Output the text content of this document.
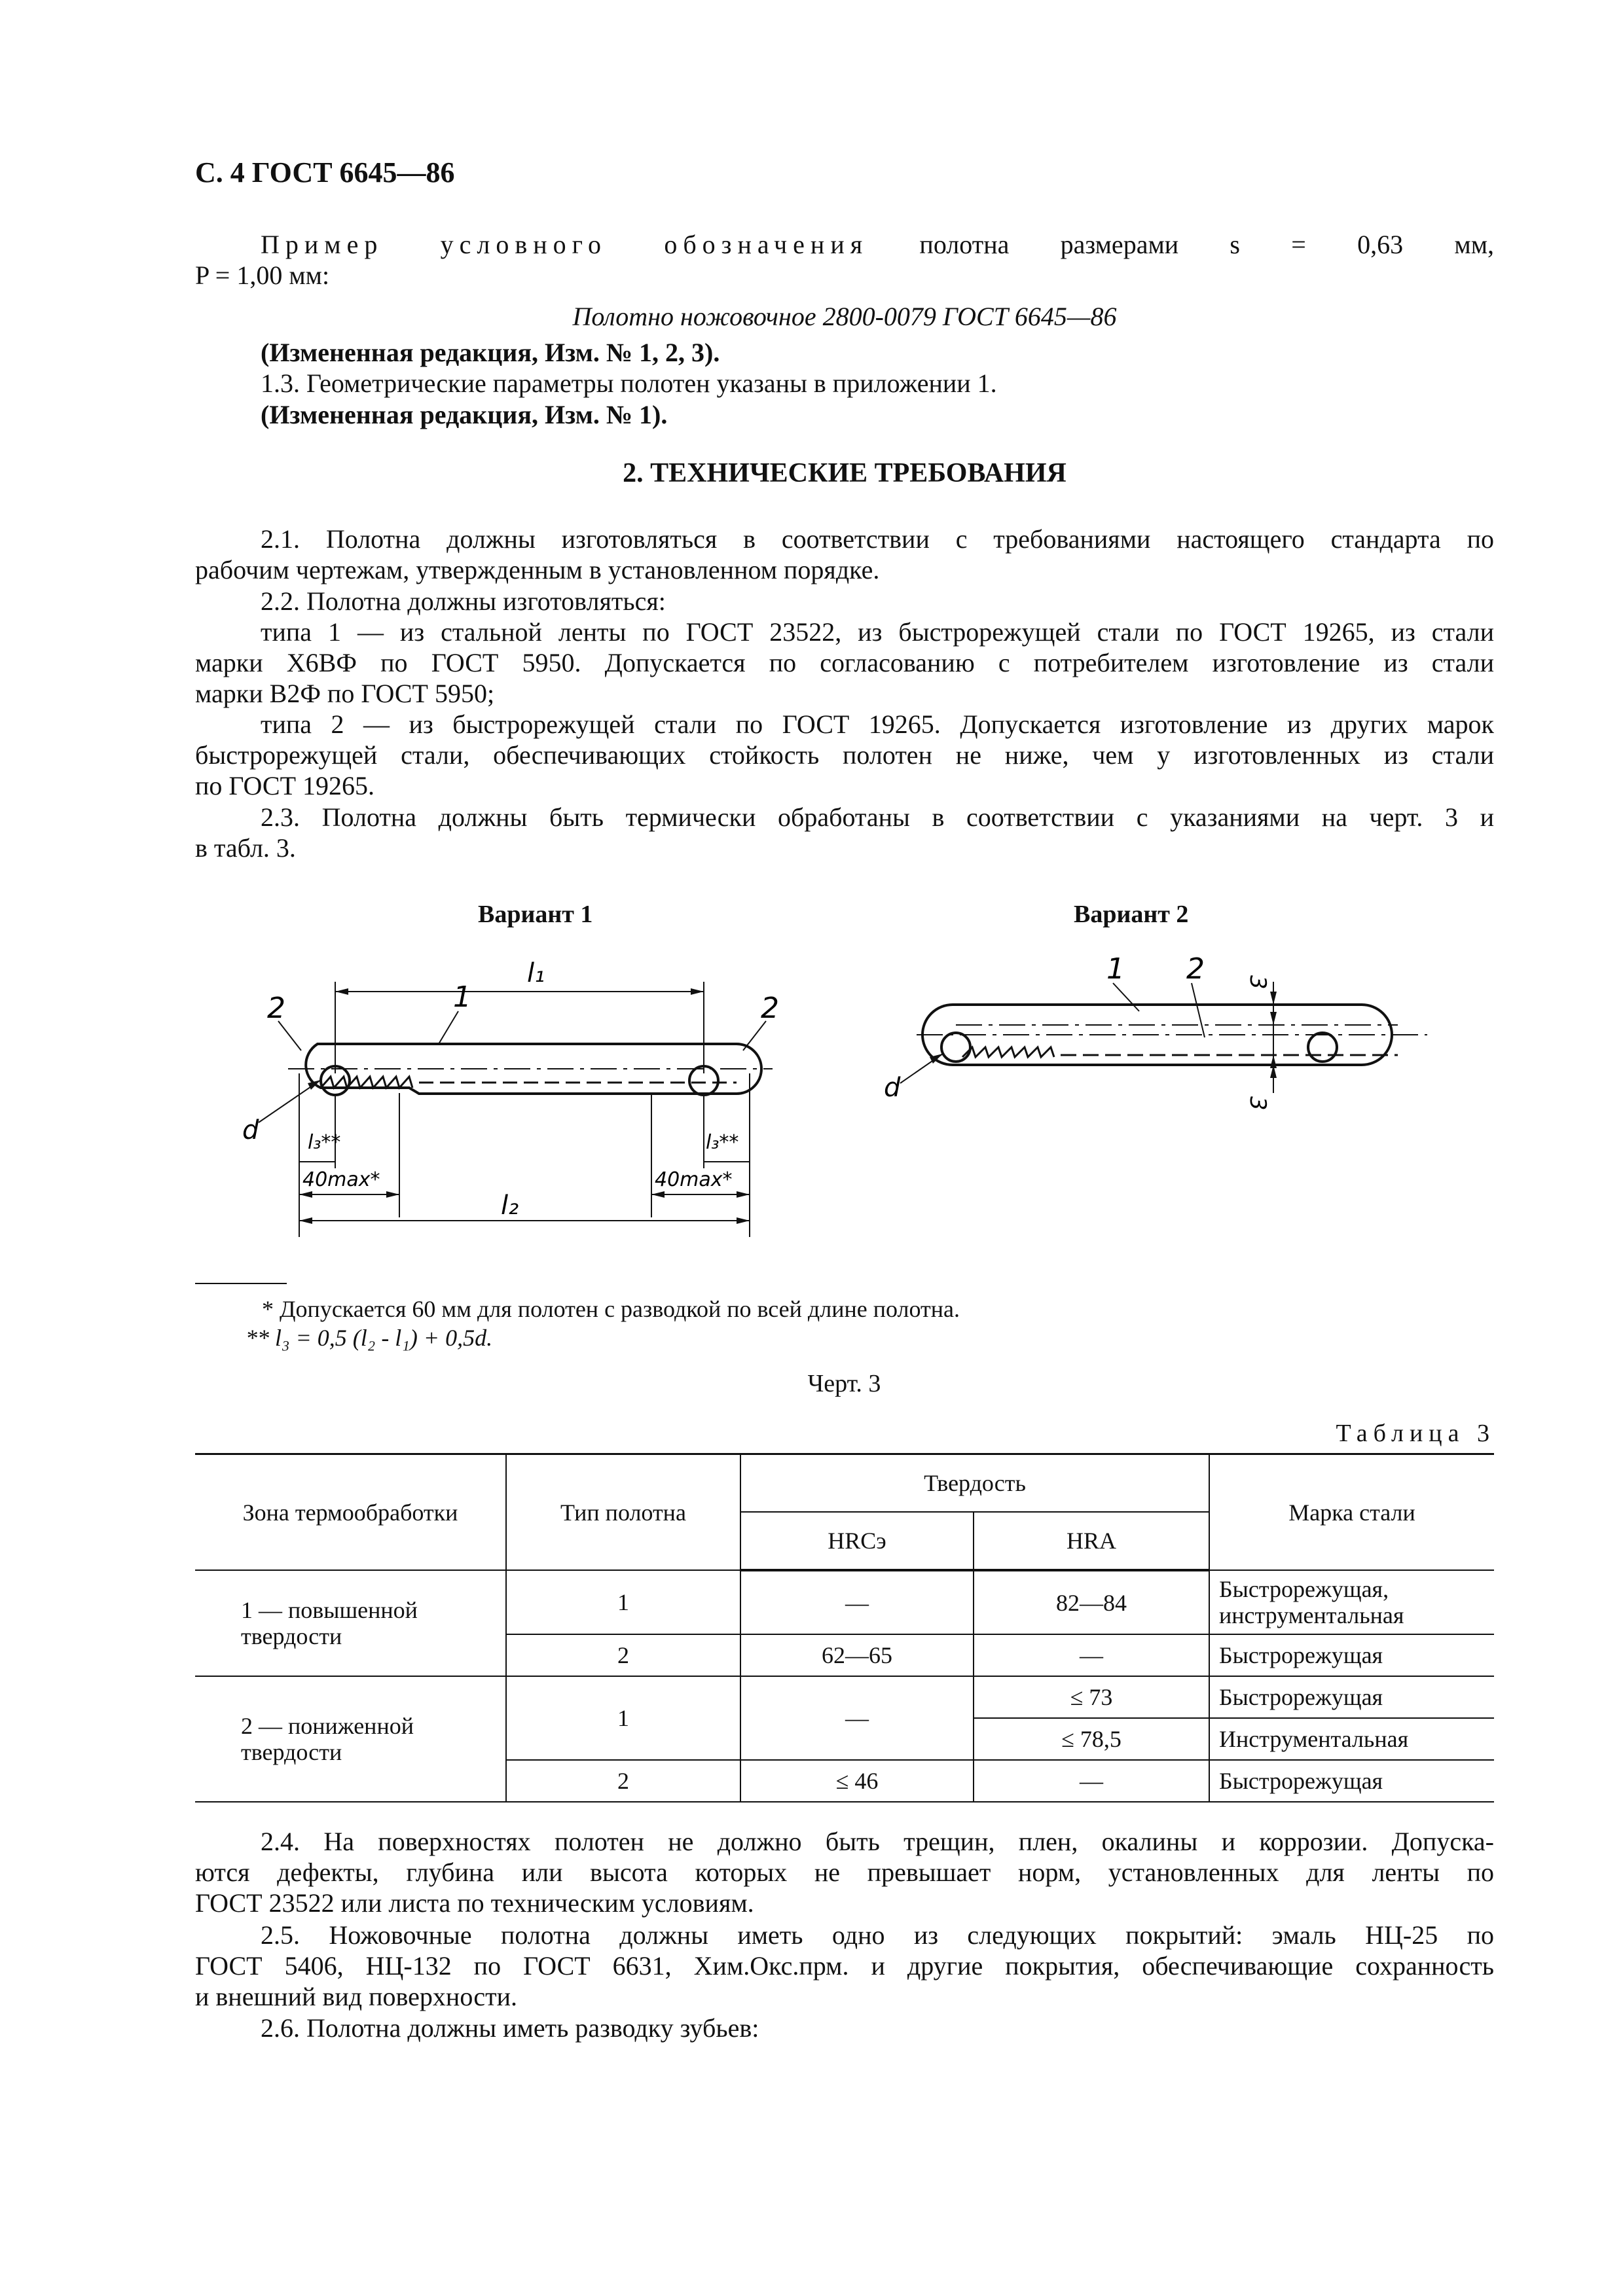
С. 4 ГОСТ 6645—86
Пример условного обозначения полотна размерами s = 0,63 мм,
P = 1,00 мм:
Полотно ножовочное 2800-0079 ГОСТ 6645—86
(Измененная редакция, Изм. № 1, 2, 3).
1.3. Геометрические параметры полотен указаны в приложении 1.
(Измененная редакция, Изм. № 1).
2. ТЕХНИЧЕСКИЕ ТРЕБОВАНИЯ
2.1. Полотна должны изготовляться в соответствии с требованиями настоящего стандарта по
рабочим чертежам, утвержденным в установленном порядке.
2.2. Полотна должны изготовляться:
типа 1 — из стальной ленты по ГОСТ 23522, из быстрорежущей стали по ГОСТ 19265, из стали
марки Х6ВФ по ГОСТ 5950. Допускается по согласованию с потребителем изготовление из стали
марки В2Ф по ГОСТ 5950;
типа 2 — из быстрорежущей стали по ГОСТ 19265. Допускается изготовление из других марок
быстрорежущей стали, обеспечивающих стойкость полотен не ниже, чем у изготовленных из стали
по ГОСТ 19265.
2.3. Полотна должны быть термически обработаны в соответствии с указаниями на черт. 3 и
в табл. 3.
Вариант 1	Вариант 2
2	2
1
d
l₁
l₂
l₃**	l₃**
40max*	40max*
1 2
d
3
3
* Допускается 60 мм для полотен с разводкой по всей длине полотна.
** l₃ = 0,5 (l₂ - l₁) + 0,5d.
Черт. 3
Таблица 3
Зона термообработки	Тип полотна	Твердость		Марка стали
		HRCэ	HRA	
1 — повышенной твердости	1	—	82—84	Быстрорежущая, инструментальная
	2	62—65	—	Быстрорежущая
2 — пониженной твердости	1	—	≤ 73	Быстрорежущая
			≤ 78,5	Инструментальная
	2	≤ 46	—	Быстрорежущая
2.4. На поверхностях полотен не должно быть трещин, плен, окалины и коррозии. Допуска-
ются дефекты, глубина или высота которых не превышает норм, установленных для ленты по
ГОСТ 23522 или листа по техническим условиям.
2.5. Ножовочные полотна должны иметь одно из следующих покрытий: эмаль НЦ-25 по
ГОСТ 5406, НЦ-132 по ГОСТ 6631, Хим.Окс.прм. и другие покрытия, обеспечивающие сохранность
и внешний вид поверхности.
2.6. Полотна должны иметь разводку зубьев:
